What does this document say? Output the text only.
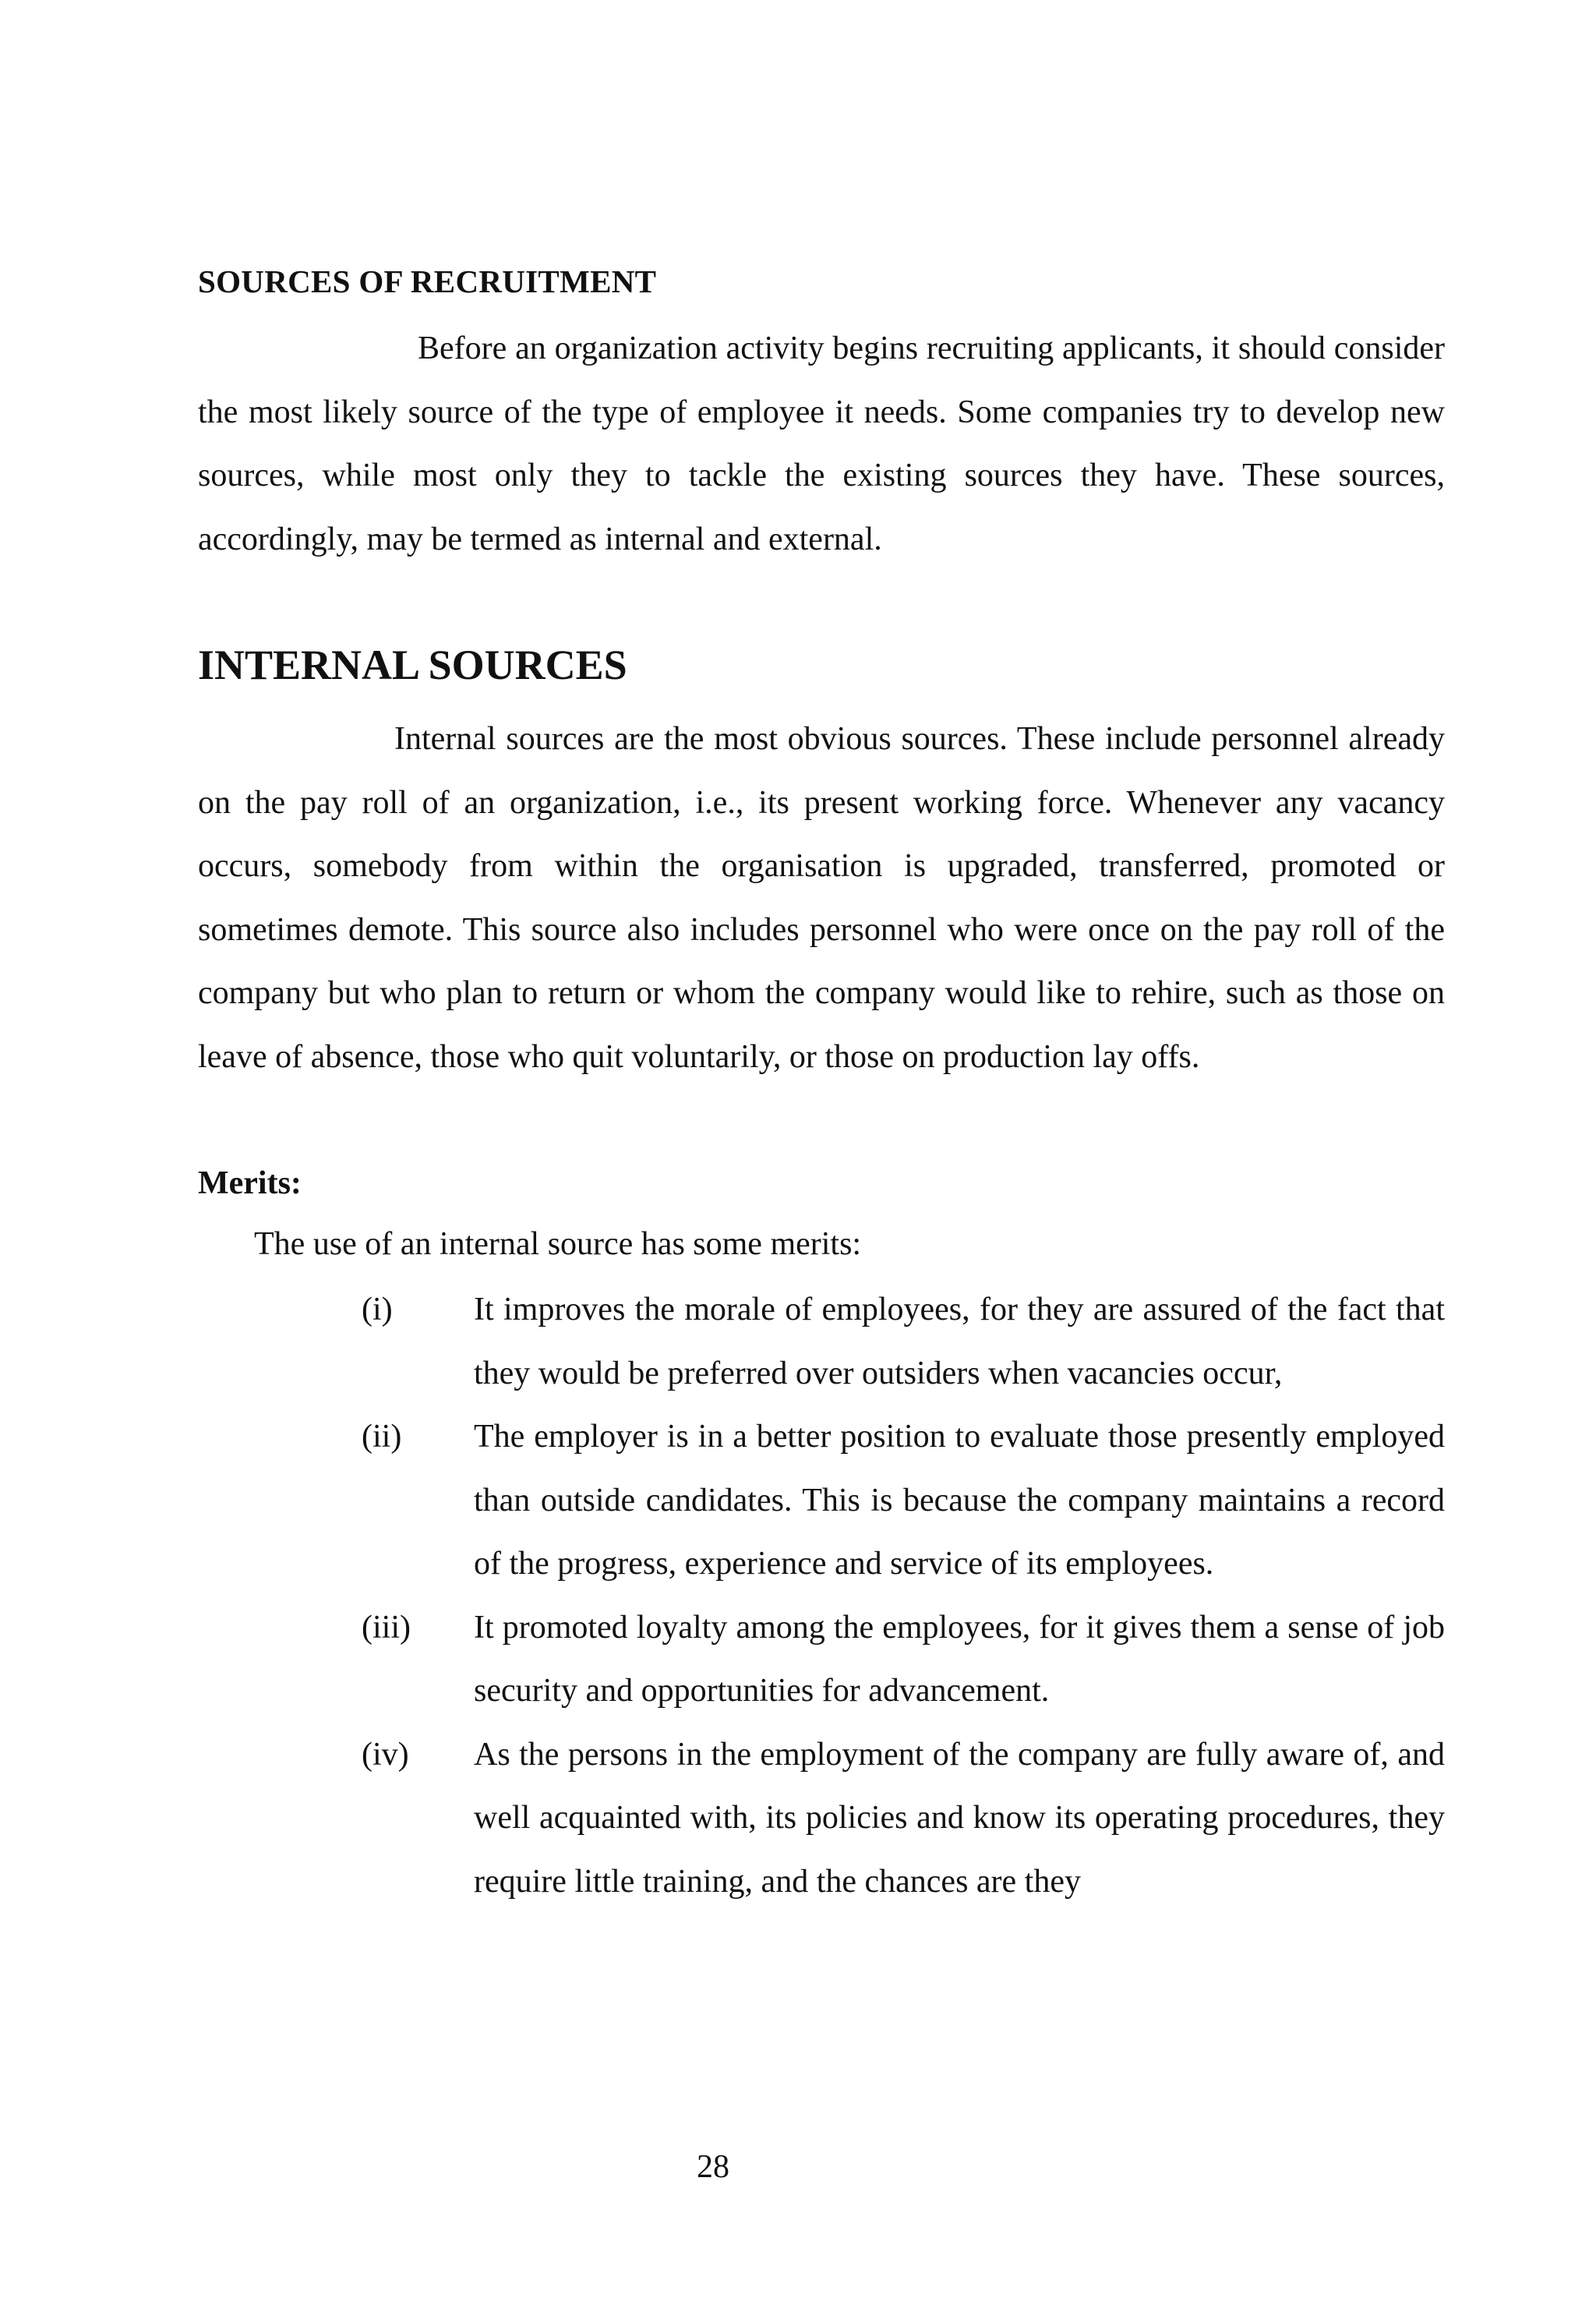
SOURCES OF RECRUITMENT

Before an organization activity begins recruiting applicants, it should consider the most likely source of the type of employee it needs. Some companies try to develop new sources, while most only they to tackle the existing sources they have. These sources, accordingly, may be termed as internal and external.

INTERNAL SOURCES

Internal sources are the most obvious sources. These include personnel already on the pay roll of an organization, i.e., its present working force. Whenever any vacancy occurs, somebody from within the organisation is upgraded, transferred, promoted or sometimes demote. This source also includes personnel who were once on the pay roll of the company but who plan to return or whom the company would like to rehire, such as those on leave of absence, those who quit voluntarily, or those on production lay offs.

Merits:
The use of an internal source has some merits:
(i) It improves the morale of employees, for they are assured of the fact that they would be preferred over outsiders when vacancies occur,

(ii) The employer is in a better position to evaluate those presently employed than outside candidates. This is because the company maintains a record of the progress, experience and service of its employees.

(iii) It promoted loyalty among the employees, for it gives them a sense of job security and opportunities for advancement.

(iv) As the persons in the employment of the company are fully aware of, and well acquainted with, its policies and know its operating procedures, they require little training, and the chances are they

28
